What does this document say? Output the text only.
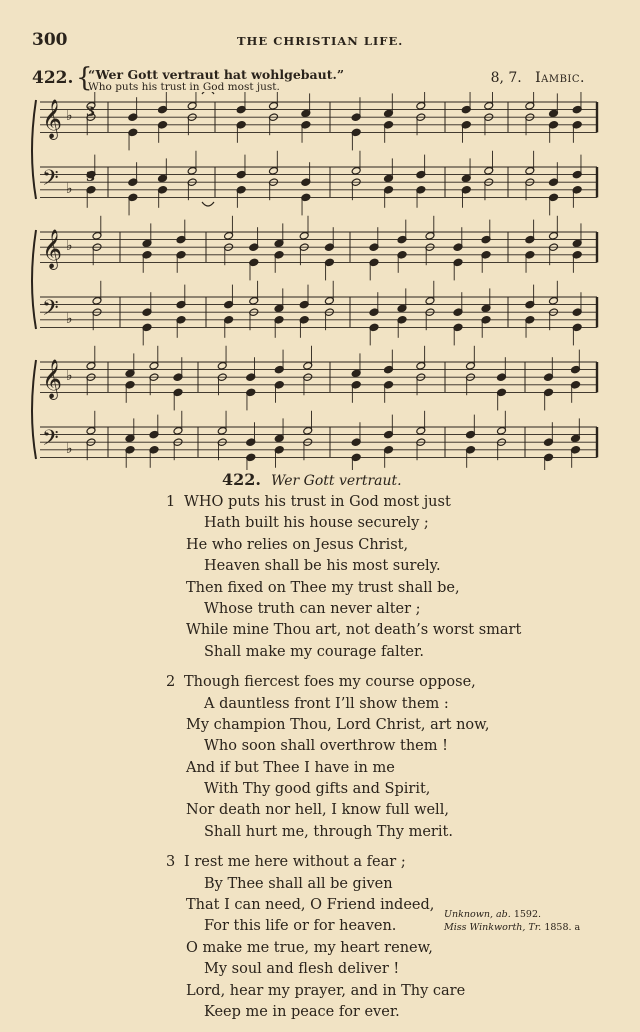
300	THE CHRISTIAN LIFE.
422. {
“Wer Gott vertraut hat wohlgebaut.”
Who puts his trust in God most just.
8, 7. Iambic.
𝄞 ♭
𝄢 ♭
3
3
𝄞 ♭
𝄢 ♭
𝄞 ♭
𝄢 ♭
422. Wer Gott vertraut.
1 WHO puts his trust in God most just
Hath built his house securely ;
He who relies on Jesus Christ,
Heaven shall be his most surely.
Then fixed on Thee my trust shall be,
Whose truth can never alter ;
While mine Thou art, not death’s worst smart
Shall make my courage falter.
2 Though fiercest foes my course oppose,
A dauntless front I’ll show them :
My champion Thou, Lord Christ, art now,
Who soon shall overthrow them !
And if but Thee I have in me
With Thy good gifts and Spirit,
Nor death nor hell, I know full well,
Shall hurt me, through Thy merit.
3 I rest me here without a fear ;
By Thee shall all be given
That I can need, O Friend indeed,
For this life or for heaven.
O make me true, my heart renew,
My soul and flesh deliver !
Lord, hear my prayer, and in Thy care
Keep me in peace for ever.
Unknown, ab. 1592.
Miss Winkworth, Tr. 1858. a
